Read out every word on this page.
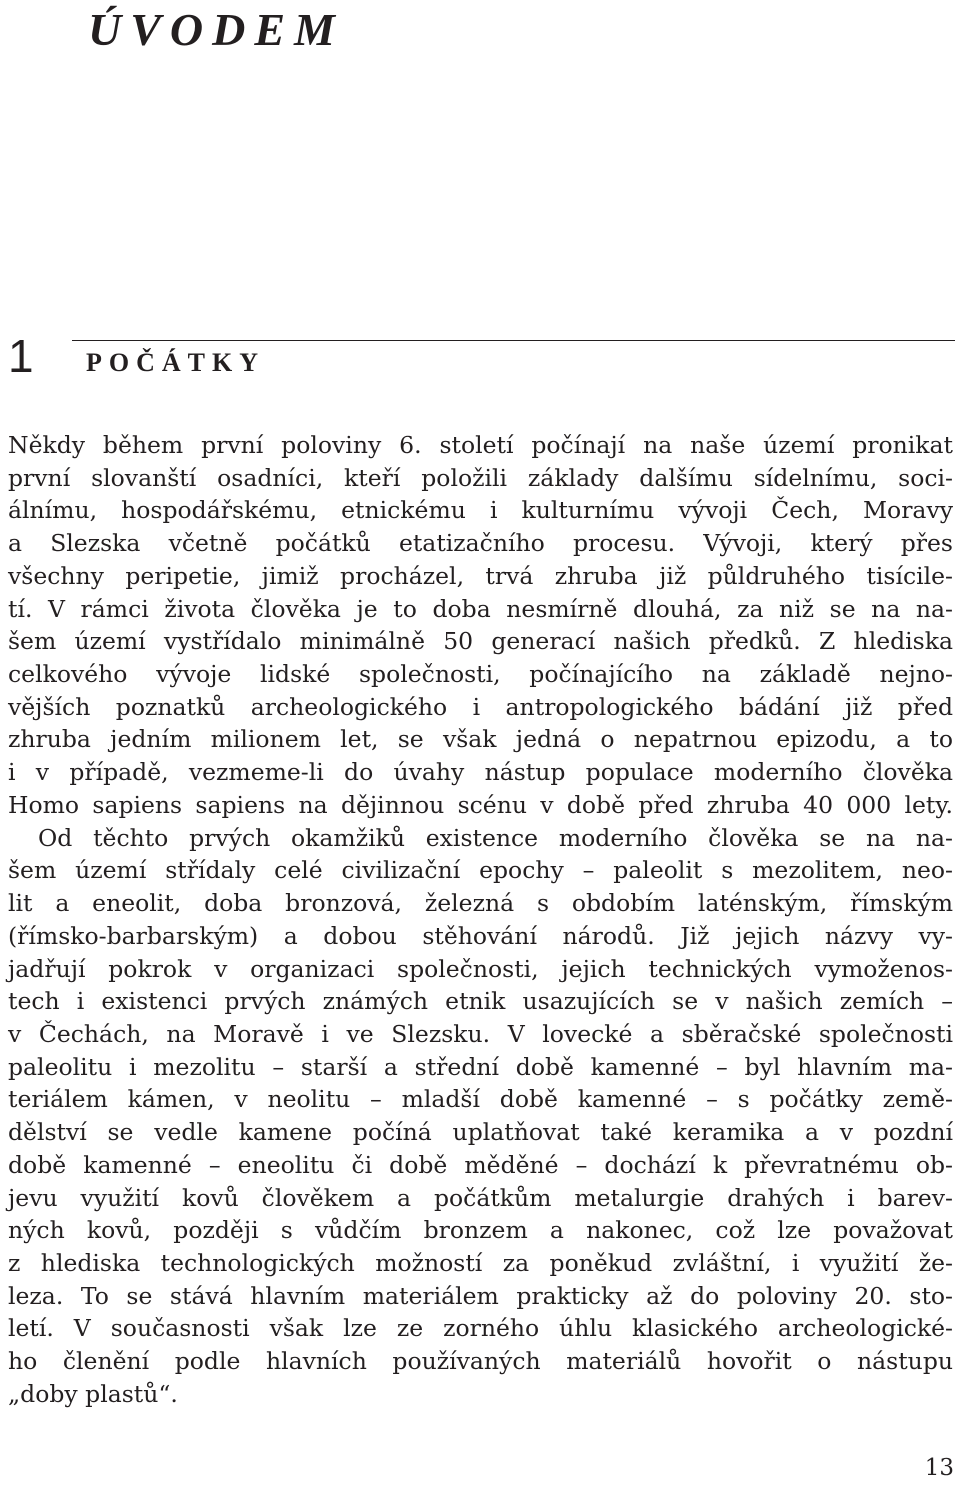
ÚVODEM
1 POČÁTKY
Někdy během první poloviny 6. století počínají na naše území pronikat
první slovanští osadníci, kteří položili základy dalšímu sídelnímu, soci-
álnímu, hospodářskému, etnickému i kulturnímu vývoji Čech, Moravy
a Slezska včetně počátků etatizačního procesu. Vývoji, který přes
všechny peripetie, jimiž procházel, trvá zhruba již půldruhého tisícile-
tí. V rámci života člověka je to doba nesmírně dlouhá, za niž se na na-
šem území vystřídalo minimálně 50 generací našich předků. Z hlediska
celkového vývoje lidské společnosti, počínajícího na základě nejno-
vějších poznatků archeologického i antropologického bádání již před
zhruba jedním milionem let, se však jedná o nepatrnou epizodu, a to
i v případě, vezmeme-li do úvahy nástup populace moderního člověka
Homo sapiens sapiens na dějinnou scénu v době před zhruba 40 000 lety.
Od těchto prvých okamžiků existence moderního člověka se na na-
šem území střídaly celé civilizační epochy – paleolit s mezolitem, neo-
lit a eneolit, doba bronzová, železná s obdobím laténským, římským
(římsko-barbarským) a dobou stěhování národů. Již jejich názvy vy-
jadřují pokrok v organizaci společnosti, jejich technických vymoženos-
tech i existenci prvých známých etnik usazujících se v našich zemích –
v Čechách, na Moravě i ve Slezsku. V lovecké a sběračské společnosti
paleolitu i mezolitu – starší a střední době kamenné – byl hlavním ma-
teriálem kámen, v neolitu – mladší době kamenné – s počátky země-
dělství se vedle kamene počíná uplatňovat také keramika a v pozdní
době kamenné – eneolitu či době měděné – dochází k převratnému ob-
jevu využití kovů člověkem a počátkům metalurgie drahých i barev-
ných kovů, později s vůdčím bronzem a nakonec, což lze považovat
z hlediska technologických možností za poněkud zvláštní, i využití že-
leza. To se stává hlavním materiálem prakticky až do poloviny 20. sto-
letí. V současnosti však lze ze zorného úhlu klasického archeologické-
ho členění podle hlavních používaných materiálů hovořit o nástupu
„doby plastů“.
13
